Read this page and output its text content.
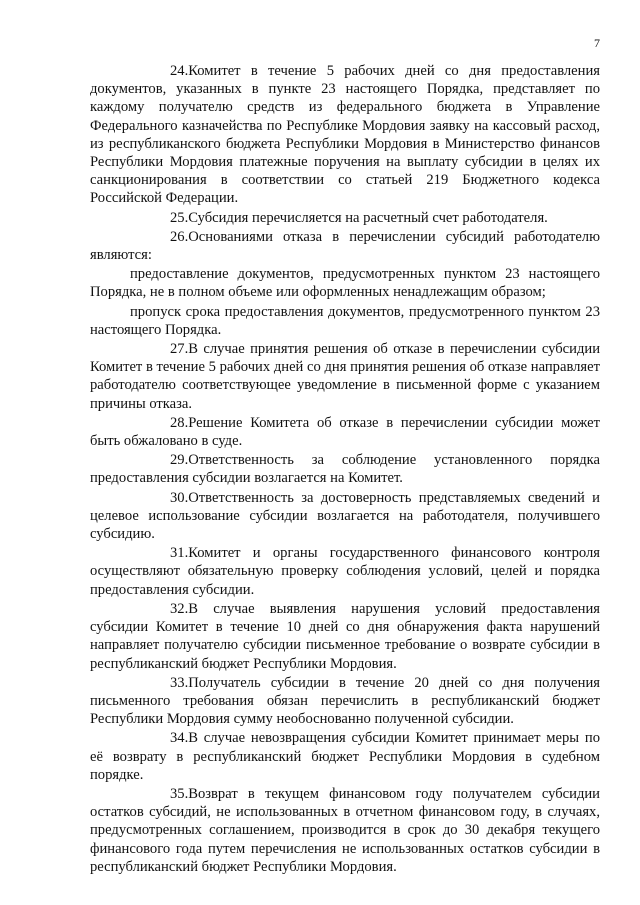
7

24.Комитет в течение 5 рабочих дней со дня предоставления документов, указанных в пункте 23 настоящего Порядка, представляет по каждому получателю средств из федерального бюджета в Управление Федерального казначейства по Республике Мордовия заявку на кассовый расход, из республиканского бюджета Республики Мордовия в Министерство финансов Республики Мордовия платежные поручения на выплату субсидии в целях их санкционирования в соответствии со статьей 219 Бюджетного кодекса Российской Федерации.

25.Субсидия перечисляется на расчетный счет работодателя.

26.Основаниями отказа в перечислении субсидий работодателю являются:

предоставление документов, предусмотренных пунктом 23 настоящего Порядка, не в полном объеме или оформленных ненадлежащим образом;

пропуск срока предоставления документов, предусмотренного пунктом 23 настоящего Порядка.

27.В случае принятия решения об отказе в перечислении субсидии Комитет в течение 5 рабочих дней со дня принятия решения об отказе направляет работодателю соответствующее уведомление в письменной форме с указанием причины отказа.

28.Решение Комитета об отказе в перечислении субсидии может быть обжаловано в суде.

29.Ответственность за соблюдение установленного порядка предоставления субсидии возлагается на Комитет.

30.Ответственность за достоверность представляемых сведений и целевое использование субсидии возлагается на работодателя, получившего субсидию.

31.Комитет и органы государственного финансового контроля осуществляют обязательную проверку соблюдения условий, целей и порядка предоставления субсидии.

32.В случае выявления нарушения условий предоставления субсидии Комитет в течение 10 дней со дня обнаружения факта нарушений направляет получателю субсидии письменное требование о возврате субсидии в республиканский бюджет Республики Мордовия.

33.Получатель субсидии в течение 20 дней со дня получения письменного требования обязан перечислить в республиканский бюджет Республики Мордовия сумму необоснованно полученной субсидии.

34.В случае невозвращения субсидии Комитет принимает меры по её возврату в республиканский бюджет Республики Мордовия в судебном порядке.

35.Возврат в текущем финансовом году получателем субсидии остатков субсидий, не использованных в отчетном финансовом году, в случаях, предусмотренных соглашением, производится в срок до 30 декабря текущего финансового года путем перечисления не использованных остатков субсидии в республиканский бюджет Республики Мордовия.
